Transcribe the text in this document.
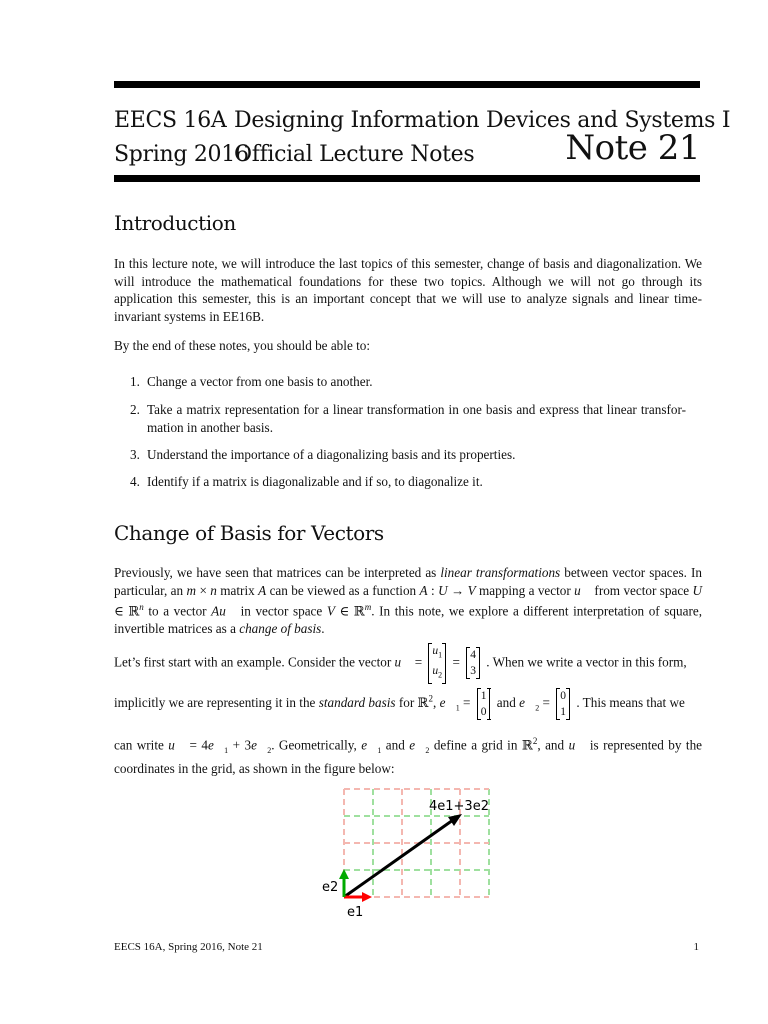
EECS 16A Designing Information Devices and Systems I
Spring 2016
Official Lecture Notes	Note 21
Introduction
In this lecture note, we will introduce the last topics of this semester, change of basis and diagonalization. We will introduce the mathematical foundations for these two topics. Although we will not go through its application this semester, this is an important concept that we will use to analyze signals and linear time-invariant systems in EE16B.
By the end of these notes, you should be able to:
1. Change a vector from one basis to another.
2. Take a matrix representation for a linear transformation in one basis and express that linear transfor-mation in another basis.
3. Understand the importance of a diagonalizing basis and its properties.
4. Identify if a matrix is diagonalizable and if so, to diagonalize it.
Change of Basis for Vectors
Previously, we have seen that matrices can be interpreted as linear transformations between vector spaces. In particular, an m × n matrix A can be viewed as a function A : U → V mapping a vector u⃗ from vector space U ∈ ℝ$^n$ to a vector Au⃗ in vector space V ∈ ℝ$^m$. In this note, we explore a different interpretation of square, invertible matrices as a change of basis.
Let’s first start with an example. Consider the vector u⃗ =
$u_1$
$u_2$
= 4
3
. When we write a vector in this form,
implicitly we are representing it in the standard basis for ℝ$^2$, $e⃗_1 = 1$
0
and $e⃗_2 = 0$
1
. This means that we
can write u⃗ = $4e⃗_1$ + $3e⃗_2$. Geometrically, $e⃗_1$ and $e⃗_2$ define a grid in ℝ$^2$, and u⃗ is represented by the coordinates in the grid, as shown in the figure below:
4e1+3e2
e2
e1
EECS 16A, Spring 2016, Note 21	1
